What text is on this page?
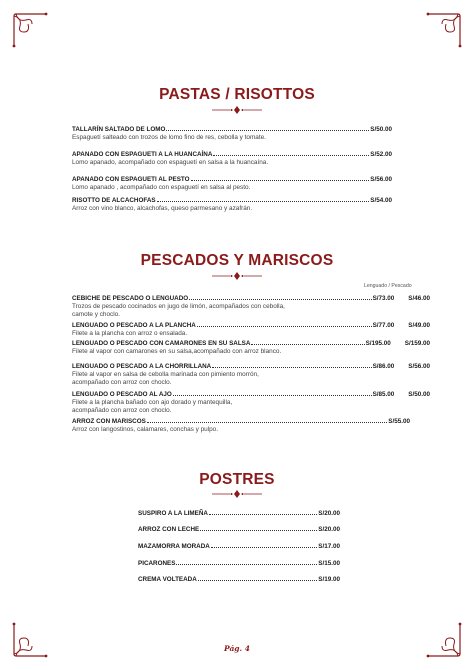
PASTAS / RISOTTOS
TALLARÍN SALTADO DE LOMO	S/50.00
Espaguetí salteado con trozos de lomo fino de res, cebolla y tomate.
APANADO CON ESPAGUETI A LA HUANCAÍNA	S/52.00
Lomo apanado, acompañado con espaguetí en salsa a la huancaína.
APANADO CON ESPAGUETI AL PESTO	S/56.00
Lomo apanado , acompañado con espaguetí en salsa al pesto.
RISOTTO DE ALCACHOFAS	S/54.00
Arroz con vino blanco, alcachofas, queso parmesano y azafrán.
PESCADOS Y MARISCOS
Lenguado / Pescado
CEBICHE DE PESCADO O LENGUADO	S/73.00 S/46.00
Trozos de pescado cocinados en jugo de limón, acompañados con cebolla,
camote y choclo.
LENGUADO O PESCADO A LA PLANCHA	S/77.00 S/49.00
Filete a la plancha con arroz o ensalada.
LENGUADO O PESCADO CON CAMARONES EN SU SALSA	S/195.00 S/159.00
Filete al vapor con camarones en su salsa,acompañado con arroz blanco.
LENGUADO O PESCADO A LA CHORRILLANA	S/86.00 S/56.00
Filete al vapor en salsa de cebolla marinada con pimiento morrón,
acompañado con arroz con choclo.
LENGUADO O PESCADO AL AJO	S/85.00 S/50.00
Filete a la plancha bañado con ajo dorado y mantequilla,
acompañado con arroz con choclo.
ARROZ CON MARISCOS	S/55.00
Arroz con langostinos, calamares, conchas y pulpo.
POSTRES
SUSPIRO A LA LIMEÑA	S/20.00
ARROZ CON LECHE	S/20.00
MAZAMORRA MORADA	S/17.00
PICARONES	S/15.00
CREMA VOLTEADA	S/19.00
Pág. 4
